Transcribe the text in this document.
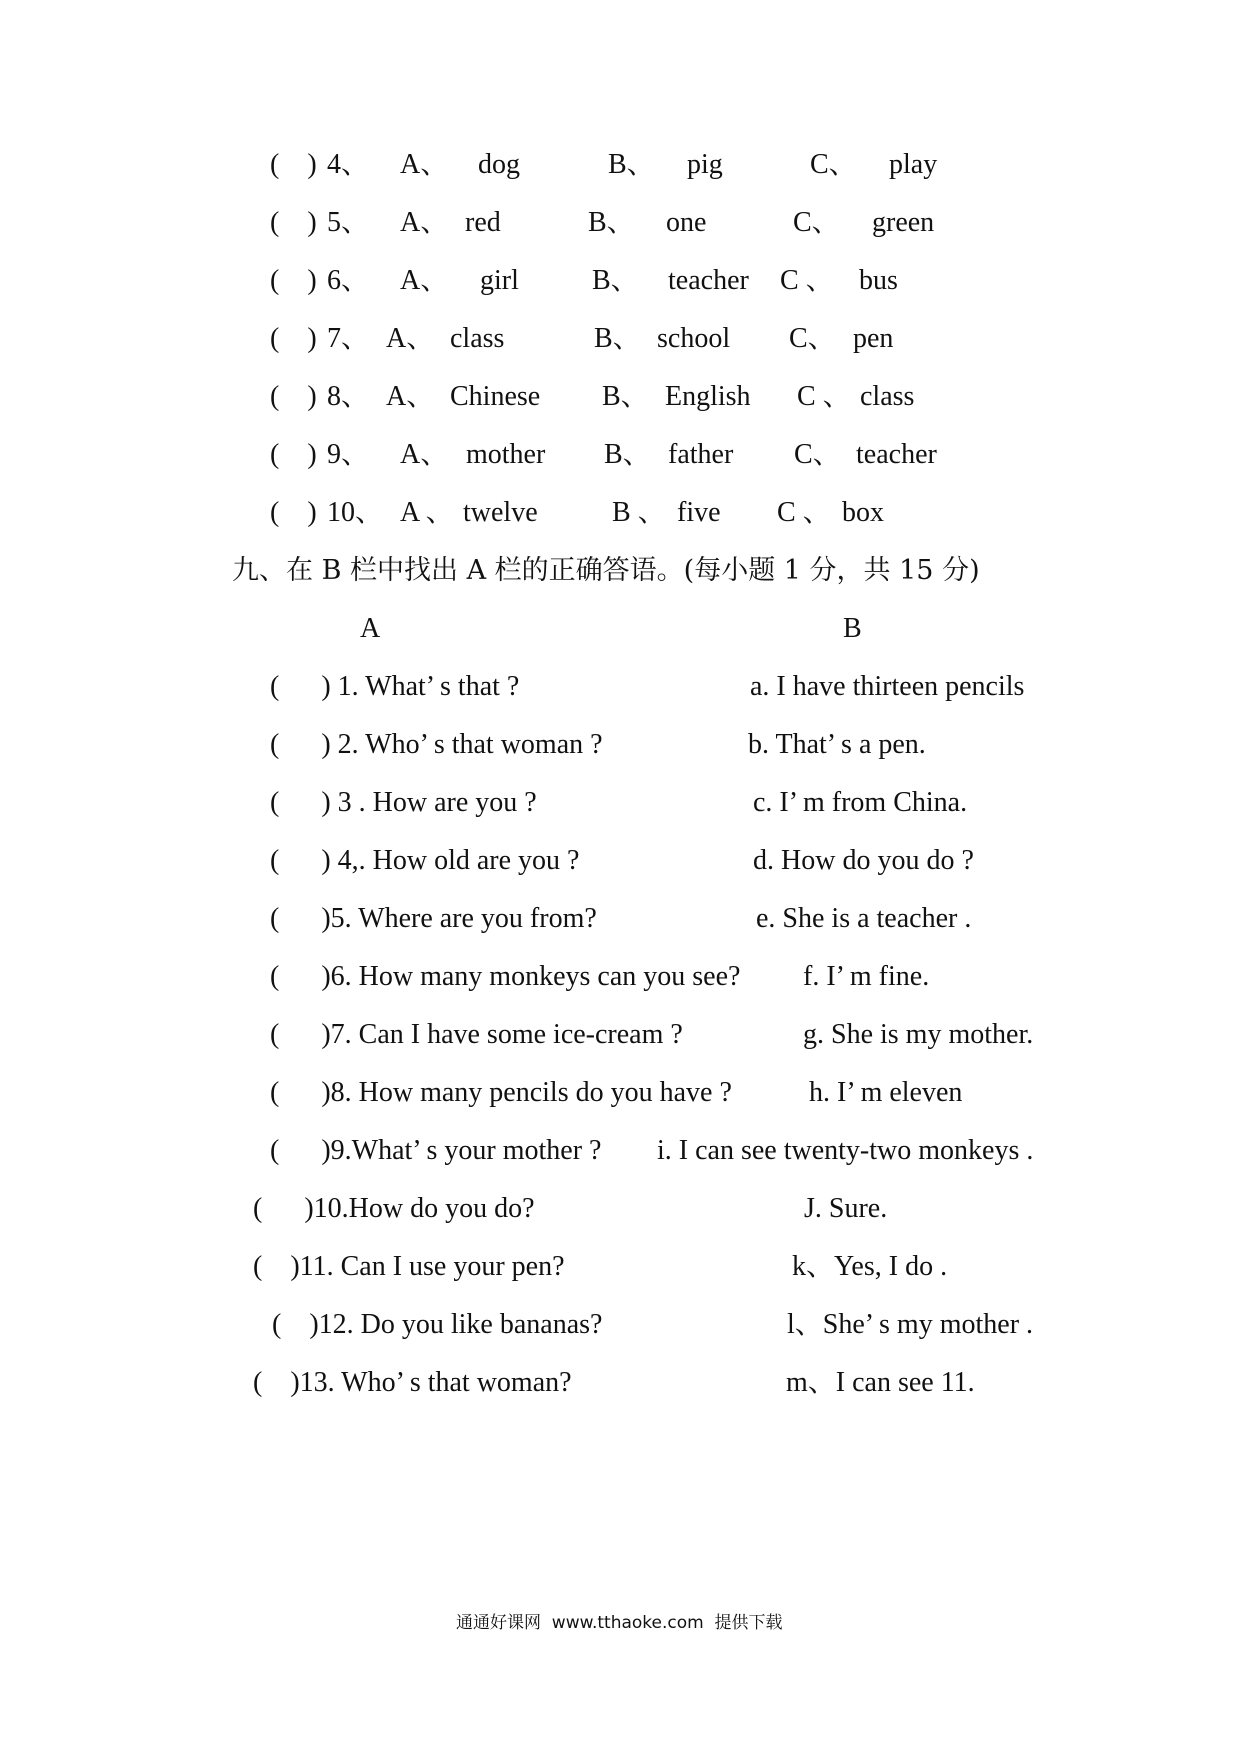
(    ) 4、 A、 dog	B、 pig	C、 play
(    ) 5、 A、 red	B、 one	C、 green
(    ) 6、 A、 girl	B、 teacher C 、 bus
(    ) 7、 A、 class	B、 school C、 pen
(    ) 8、 A、 Chinese B、 English C 、 class
(    ) 9、 A、 mother B、 father C、 teacher
(    ) 10、 A 、 twelve	B 、 five C 、 box
九、在 B 栏中找出 A 栏的正确答语。(每小题 1 分，共 15 分)
A	B
(      ) 1. What’ s that ?	a. I have thirteen pencils
(      ) 2. Who’ s that woman ?	b. That’ s a pen.
(      ) 3 . How are you ?	c. I’ m from China.
(      ) 4,. How old are you ?	d. How do you do ?
(      )5. Where are you from?	e. She is a teacher .
(      )6. How many monkeys can you see? f. I’ m fine.
(      )7. Can I have some ice-cream ?	g. She is my mother.
(      )8. How many pencils do you have ?	h. I’ m eleven
(      )9.What’ s your mother ? i. I can see twenty-two monkeys .
(      )10.How do you do?	J. Sure.
(    )11. Can I use your pen?	k、Yes, I do .
(    )12. Do you like bananas?	l、She’ s my mother .
(    )13. Who’ s that woman?	m、I can see 11.
通通好课网  www.tthaoke.com  提供下载
